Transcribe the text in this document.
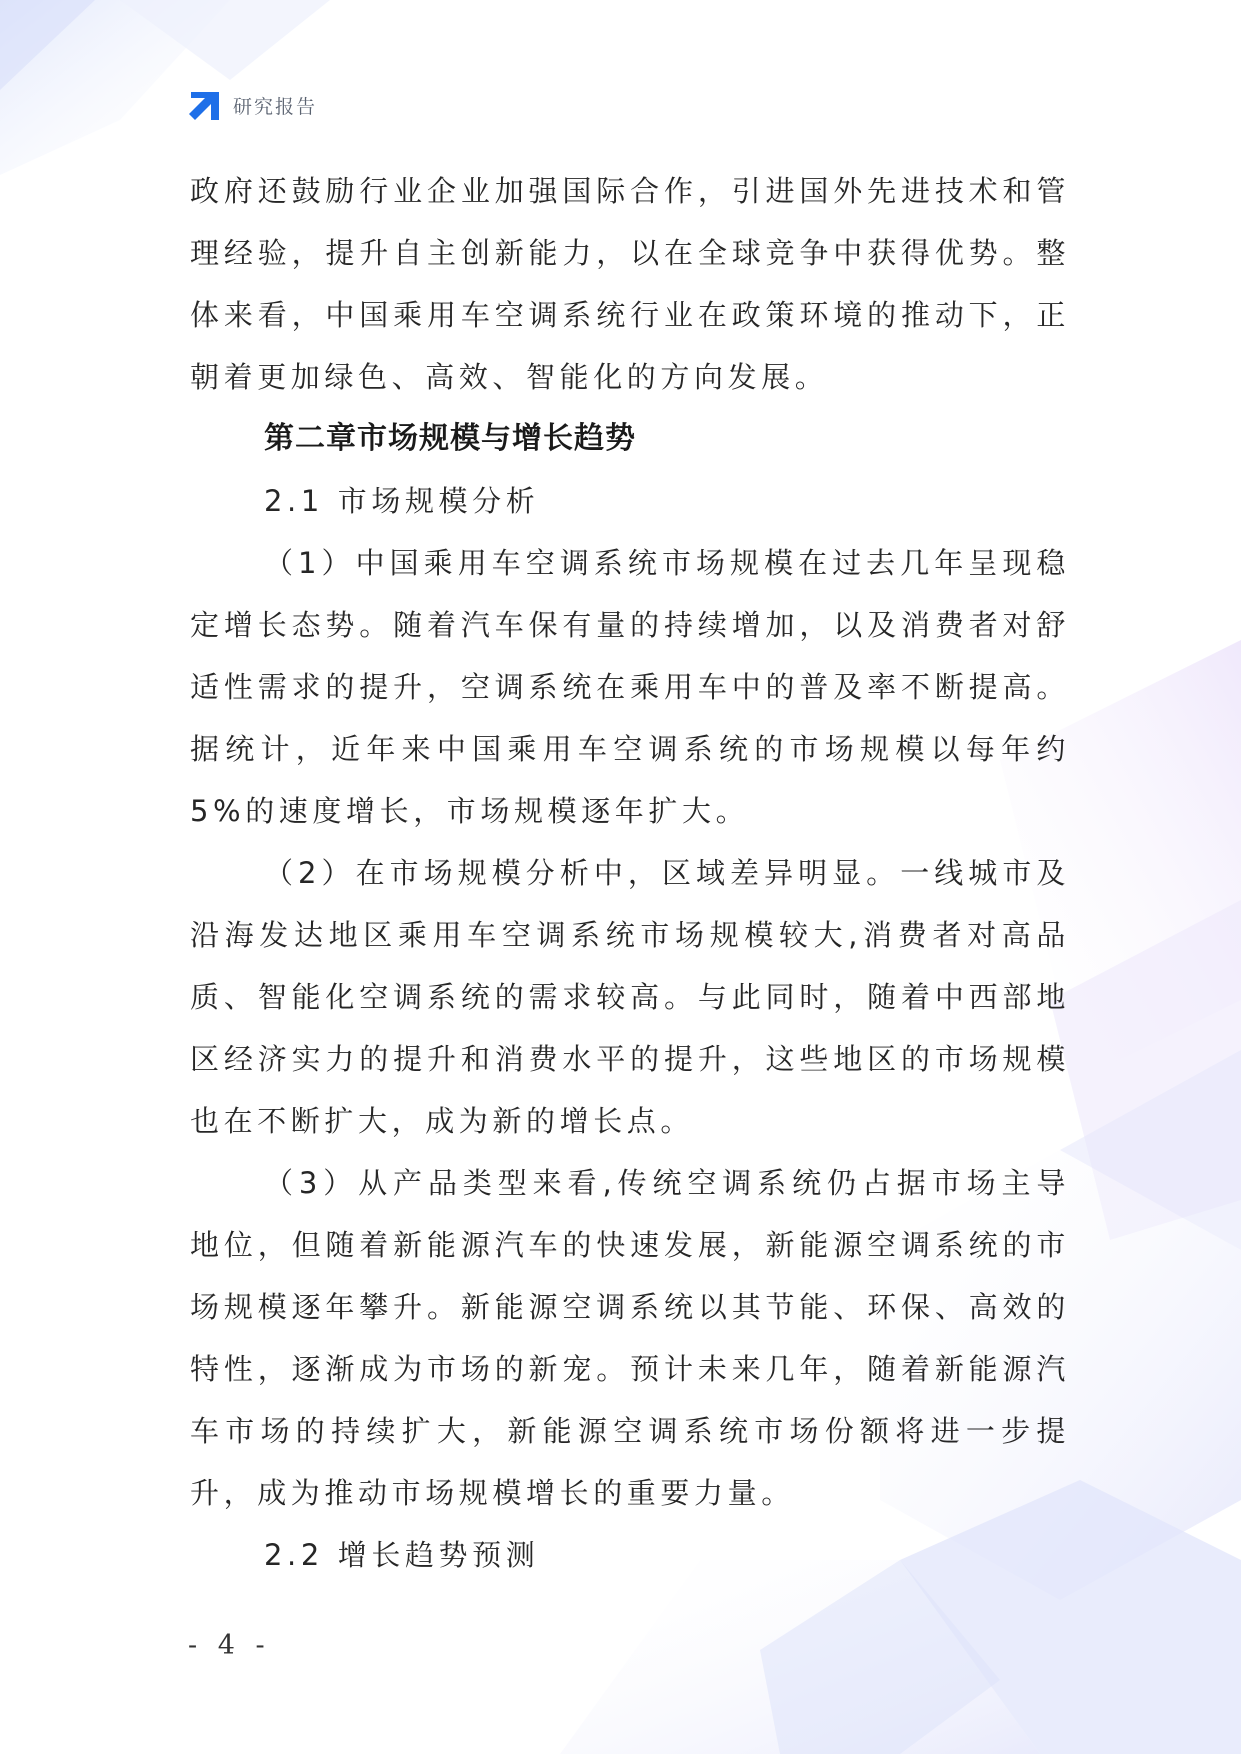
研究报告

政府还鼓励行业企业加强国际合作，引进国外先进技术和管理经验，提升自主创新能力，以在全球竞争中获得优势。整体来看，中国乘用车空调系统行业在政策环境的推动下，正朝着更加绿色、高效、智能化的方向发展。

第二章市场规模与增长趋势
2.1 市场规模分析

（1）中国乘用车空调系统市场规模在过去几年呈现稳定增长态势。随着汽车保有量的持续增加，以及消费者对舒适性需求的提升，空调系统在乘用车中的普及率不断提高。据统计，近年来中国乘用车空调系统的市场规模以每年约 5%的速度增长，市场规模逐年扩大。

（2）在市场规模分析中，区域差异明显。一线城市及沿海发达地区乘用车空调系统市场规模较大,消费者对高品质、智能化空调系统的需求较高。与此同时，随着中西部地区经济实力的提升和消费水平的提升，这些地区的市场规模也在不断扩大，成为新的增长点。

（3）从产品类型来看,传统空调系统仍占据市场主导地位，但随着新能源汽车的快速发展，新能源空调系统的市场规模逐年攀升。新能源空调系统以其节能、环保、高效的特性，逐渐成为市场的新宠。预计未来几年，随着新能源汽车市场的持续扩大，新能源空调系统市场份额将进一步提升，成为推动市场规模增长的重要力量。

2.2 增长趋势预测
- 4 -
